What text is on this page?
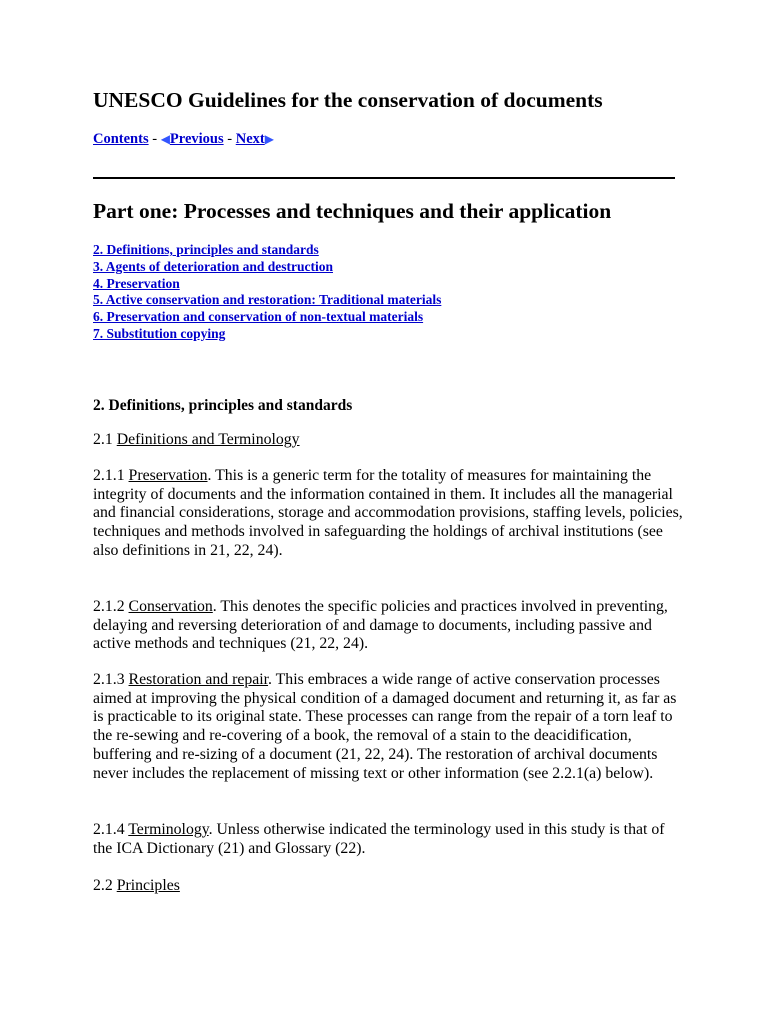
UNESCO Guidelines for the conservation of documents
Contents - ◀Previous - Next▶
Part one: Processes and techniques and their application
2. Definitions, principles and standards
3. Agents of deterioration and destruction
4. Preservation
5. Active conservation and restoration: Traditional materials
6. Preservation and conservation of non-textual materials
7. Substitution copying
2. Definitions, principles and standards
2.1 Definitions and Terminology
2.1.1 Preservation. This is a generic term for the totality of measures for maintaining the integrity of documents and the information contained in them. It includes all the managerial and financial considerations, storage and accommodation provisions, staffing levels, policies, techniques and methods involved in safeguarding the holdings of archival institutions (see also definitions in 21, 22, 24).
2.1.2 Conservation. This denotes the specific policies and practices involved in preventing, delaying and reversing deterioration of and damage to documents, including passive and active methods and techniques (21, 22, 24).
2.1.3 Restoration and repair. This embraces a wide range of active conservation processes aimed at improving the physical condition of a damaged document and returning it, as far as is practicable to its original state. These processes can range from the repair of a torn leaf to the re-sewing and re-covering of a book, the removal of a stain to the deacidification, buffering and re-sizing of a document (21, 22, 24). The restoration of archival documents never includes the replacement of missing text or other information (see 2.2.1(a) below).
2.1.4 Terminology. Unless otherwise indicated the terminology used in this study is that of the ICA Dictionary (21) and Glossary (22).
2.2 Principles
